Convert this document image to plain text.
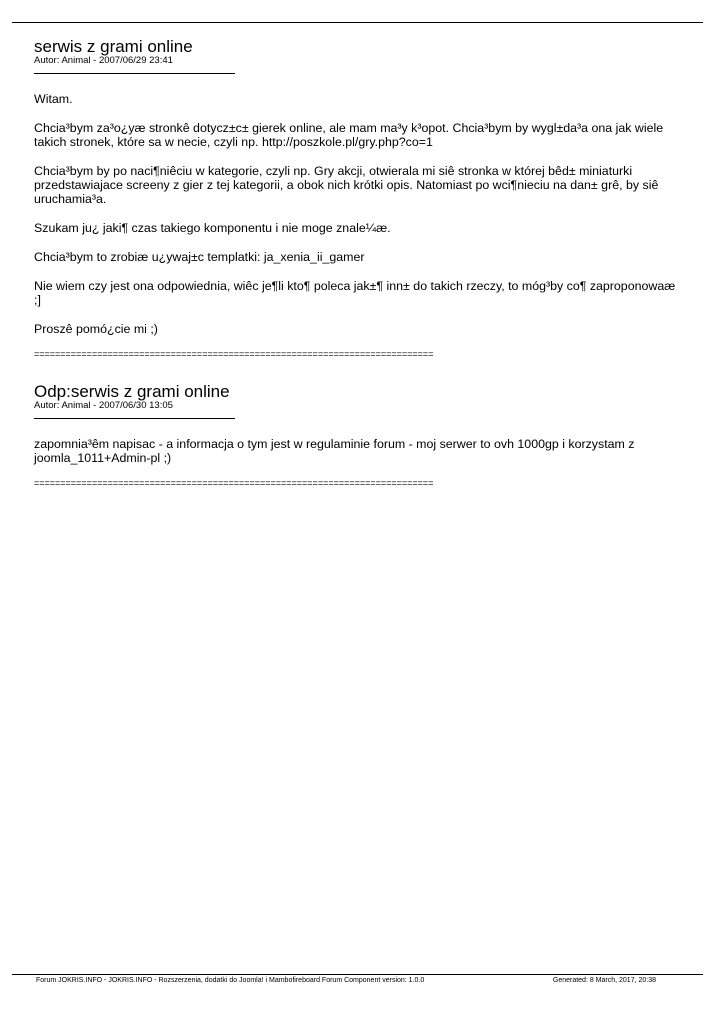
serwis z grami online
Autor: Animal - 2007/06/29 23:41

Witam.

Chcia³bym za³o¿yæ stronkê dotycz±c± gierek online, ale mam ma³y k³opot. Chcia³bym by wygl±da³a ona jak wiele takich stronek, które sa w necie, czyli np. http://poszkole.pl/gry.php?co=1

Chcia³bym by po naci¶niêciu w kategorie, czyli np. Gry akcji, otwierala mi siê stronka w której bêd± miniaturki przedstawiajace screeny z gier z tej kategorii, a obok nich krótki opis. Natomiast po wci¶nieciu na dan± grê, by siê uruchamia³a.

Szukam ju¿ jaki¶ czas takiego komponentu i nie moge znale¼æ.

Chcia³bym to zrobiæ u¿ywaj±c templatki: ja_xenia_ii_gamer

Nie wiem czy jest ona odpowiednia, wiêc je¶li kto¶ poleca jak±¶ inn± do takich rzeczy, to móg³by co¶ zaproponowaæ ;]

Proszê pomó¿cie mi ;)

============================================================================
Odp:serwis z grami online
Autor: Animal - 2007/06/30 13:05

zapomnia³êm napisac - a informacja o tym jest w regulaminie forum - moj serwer to ovh 1000gp i korzystam z joomla_1011+Admin-pl ;)

============================================================================
Forum JOKRIS.INFO - JOKRIS.INFO - Rozszerzenia, dodatki do Joomla! i Mambo​fireboard Forum Component version: 1.0.0	Generated: 8 March, 2017, 20:38
